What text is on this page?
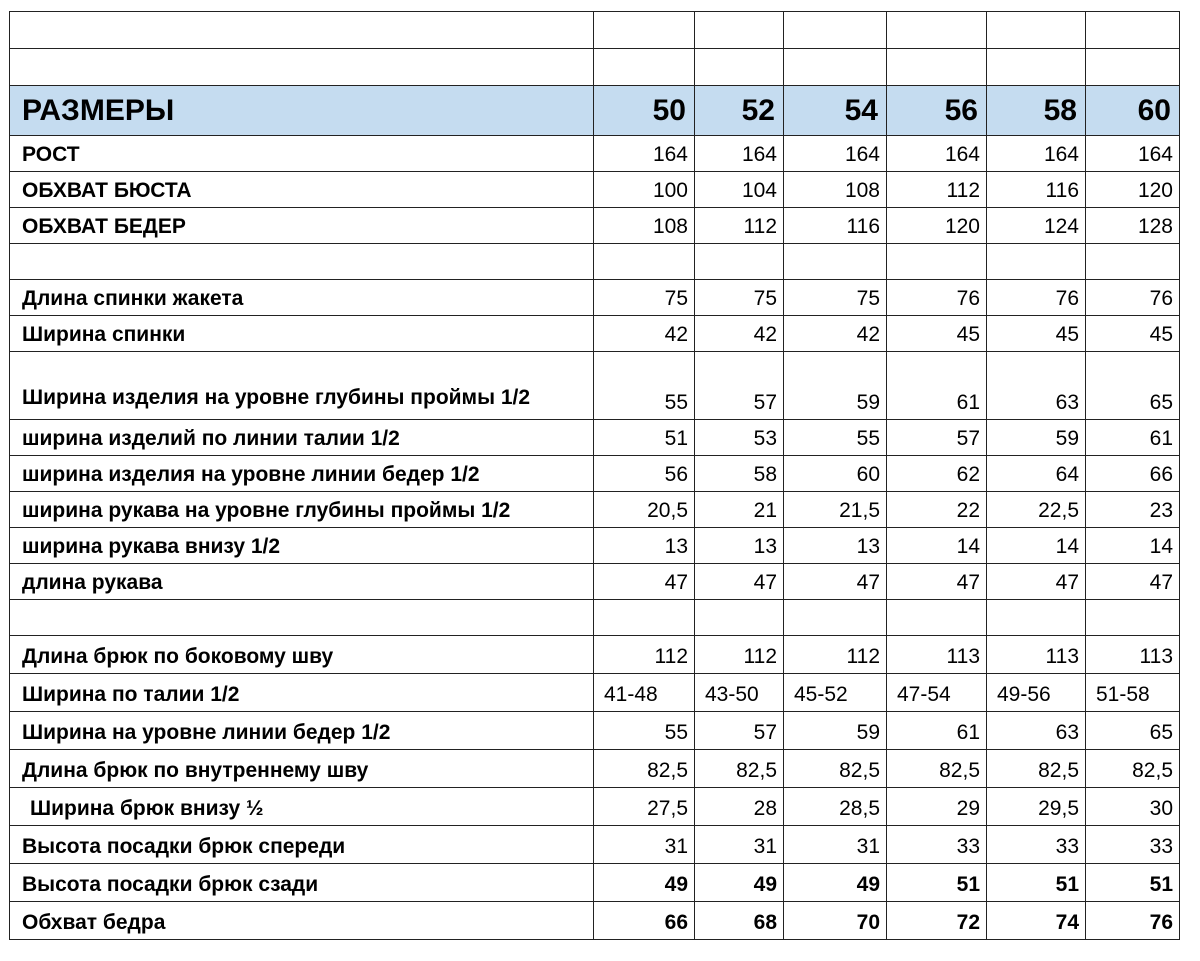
РАЗМЕРЫ	50	52	54	56	58	60
РОСТ	164	164	164	164	164	164
ОБХВАТ БЮСТА	100	104	108	112	116	120
ОБХВАТ БЕДЕР	108	112	116	120	124	128

Длина спинки жакета	75	75	75	76	76	76
Ширина спинки	42	42	42	45	45	45
Ширина изделия на уровне глубины проймы 1/2	55	57	59	61	63	65
ширина изделий по линии талии 1/2	51	53	55	57	59	61
ширина изделия на уровне линии бедер 1/2	56	58	60	62	64	66
ширина рукава на уровне глубины проймы 1/2	20,5	21	21,5	22	22,5	23
ширина рукава внизу 1/2	13	13	13	14	14	14
длина рукава	47	47	47	47	47	47

Длина брюк по боковому шву	112	112	112	113	113	113
Ширина по талии 1/2	41-48	43-50	45-52	47-54	49-56	51-58
Ширина на уровне линии бедер 1/2	55	57	59	61	63	65
Длина брюк по внутреннему шву	82,5	82,5	82,5	82,5	82,5	82,5
Ширина брюк внизу ½	27,5	28	28,5	29	29,5	30
Высота посадки брюк спереди	31	31	31	33	33	33
Высота посадки брюк сзади	49	49	49	51	51	51
Обхват бедра	66	68	70	72	74	76
